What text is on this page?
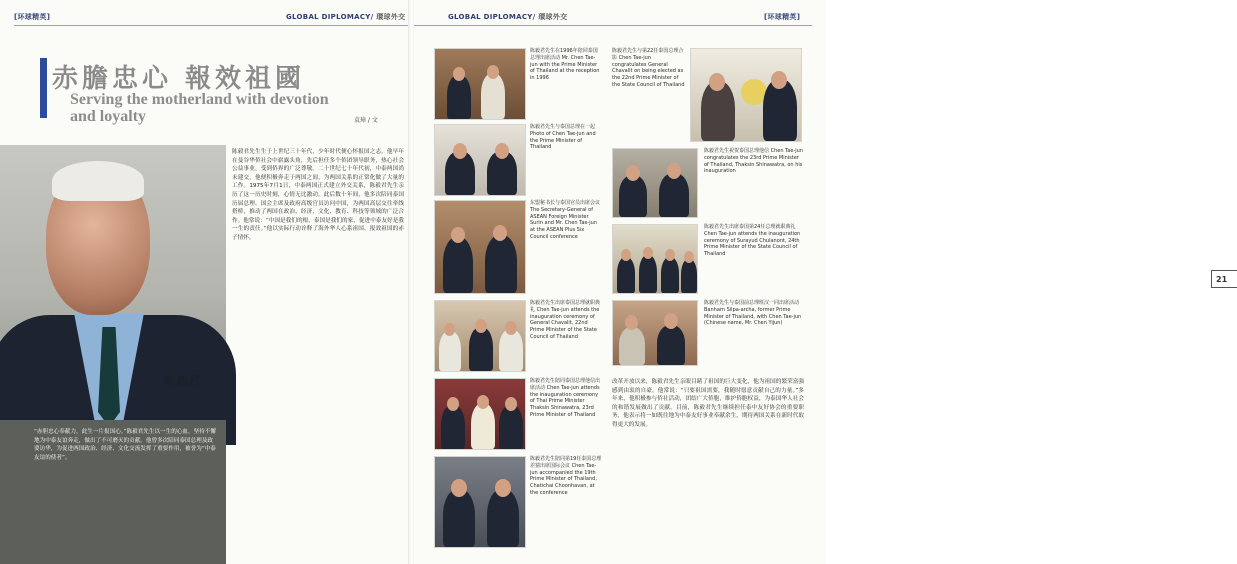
[环球精英]	GLOBAL DIPLOMACY/ 環球外交
赤膽忠心 報效祖國
Serving the motherland with devotion and loyalty	袁璋 / 文
陈毅君
“赤胆忠心奉献力，此生一片报国心。”陈毅君先生以一生的心血，坚持不懈地为中泰友谊奔走，做出了不可磨灭的贡献。他曾多次陪同泰国总理及政要访华，为促进两国政治、经济、文化交流发挥了重要作用，被誉为“中泰友谊的使者”。
陈毅君先生生于上世纪三十年代，少年时代便心怀报国之志。他早年在曼谷华侨社会中崭露头角，先后担任多个侨团领导职务，热心社会公益事业，受到侨界的广泛尊敬。二十世纪七十年代初，中泰两国尚未建交，他便积极奔走于两国之间，为两国关系的正常化做了大量的工作。1975年7月1日，中泰两国正式建立外交关系，陈毅君先生亲历了这一历史时刻，心情无比激动。此后数十年间，他多次陪同泰国历届总理、国会主席及政府高级官员访问中国，为两国高层交往牵线搭桥，推动了两国在政治、经济、文化、教育、科技等领域的广泛合作。他常说：“中国是我们的根，泰国是我们的家，促进中泰友好是我一生的责任。”他以实际行动诠释了海外华人心系祖国、报效祖国的赤子情怀。
GLOBAL DIPLOMACY/ 環球外交	[环球精英]
陈毅君先生在1996年陪同泰国总理出席活动 Mr. Chen Tae-jun with the Prime Minister of Thailand at the reception in 1996
陈毅君先生与泰国总理在一起 Photo of Chen Tae-jun and the Prime Minister of Thailand
东盟秘书长与泰国官员出席会议 The Secretary-General of ASEAN Foreign Minister Surin and Mr. Chen Tae-jun at the ASEAN Plus Six Council conference
陈毅君先生出席泰国总理就职典礼 Chen Tae-jun attends the inauguration ceremony of General Chavalit, 22nd Prime Minister of the State Council of Thailand
陈毅君先生陪同泰国总理他信出席活动 Chen Tae-jun attends the inauguration ceremony of Thai Prime Minister Thaksin Shinawatra, 23rd Prime Minister of Thailand
陈毅君先生陪同第19任泰国总理差猜出席国际会议 Chen Tae-jun accompanied the 19th Prime Minister of Thailand, Chatichai Choonhavan, at the conference
陈毅君先生与第22任泰国总理合影 Chen Tae-jun congratulates General Chavalit on being elected as the 22nd Prime Minister of the State Council of Thailand
陈毅君先生祝贺泰国总理他信 Chen Tae-jun congratulates the 23rd Prime Minister of Thailand, Thaksin Shinawatra, on his inauguration
陈毅君先生出席泰国第24任总理就职典礼 Chen Tae-jun attends the inauguration ceremony of Surayud Chulanont, 24th Prime Minister of the State Council of Thailand
陈毅君先生与泰国前总理班汉一同出席活动 Banharn Silpa-archa, former Prime Minister of Thailand, with Chen Tae-jun (Chinese name, Mr. Chen Yijun)
改革开放以来，陈毅君先生亲眼目睹了祖国的巨大变化，他为祖国的繁荣富强感到由衷的自豪。他常说：“只要祖国需要，我随时愿意贡献自己的力量。”多年来，他积极参与侨社活动，团结广大侨胞，维护侨胞权益，为泰国华人社会的和谐发展做出了贡献。目前，陈毅君先生继续担任泰中友好协会的重要职务，他表示将一如既往地为中泰友好事业奉献余生，期待两国关系在新时代取得更大的发展。
21
